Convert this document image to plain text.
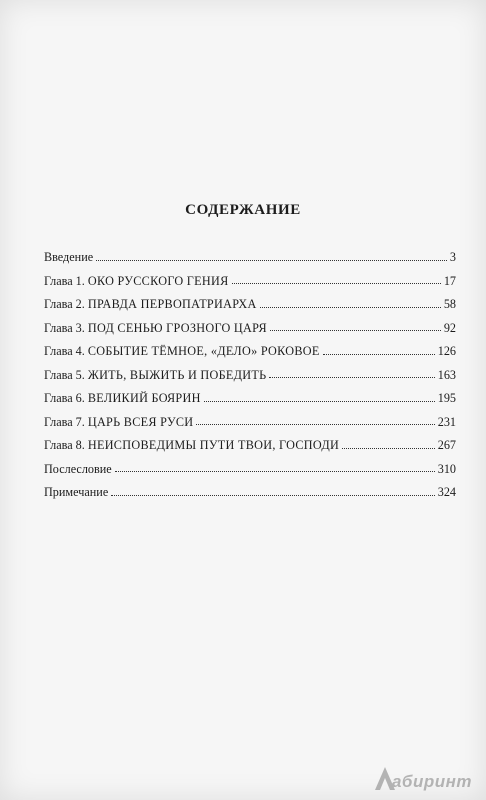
СОДЕРЖАНИЕ
Введение	3
Глава 1. ОКО РУССКОГО ГЕНИЯ	17
Глава 2. ПРАВДА ПЕРВОПАТРИАРХА	58
Глава 3. ПОД СЕНЬЮ ГРОЗНОГО ЦАРЯ	92
Глава 4. СОБЫТИЕ ТЁМНОЕ, «ДЕЛО» РОКОВОЕ	126
Глава 5. ЖИТЬ, ВЫЖИТЬ И ПОБЕДИТЬ	163
Глава 6. ВЕЛИКИЙ БОЯРИН	195
Глава 7. ЦАРЬ ВСЕЯ РУСИ	231
Глава 8. НЕИСПОВЕДИМЫ ПУТИ ТВОИ, ГОСПОДИ	267
Послесловие	310
Примечание	324
абиринт
